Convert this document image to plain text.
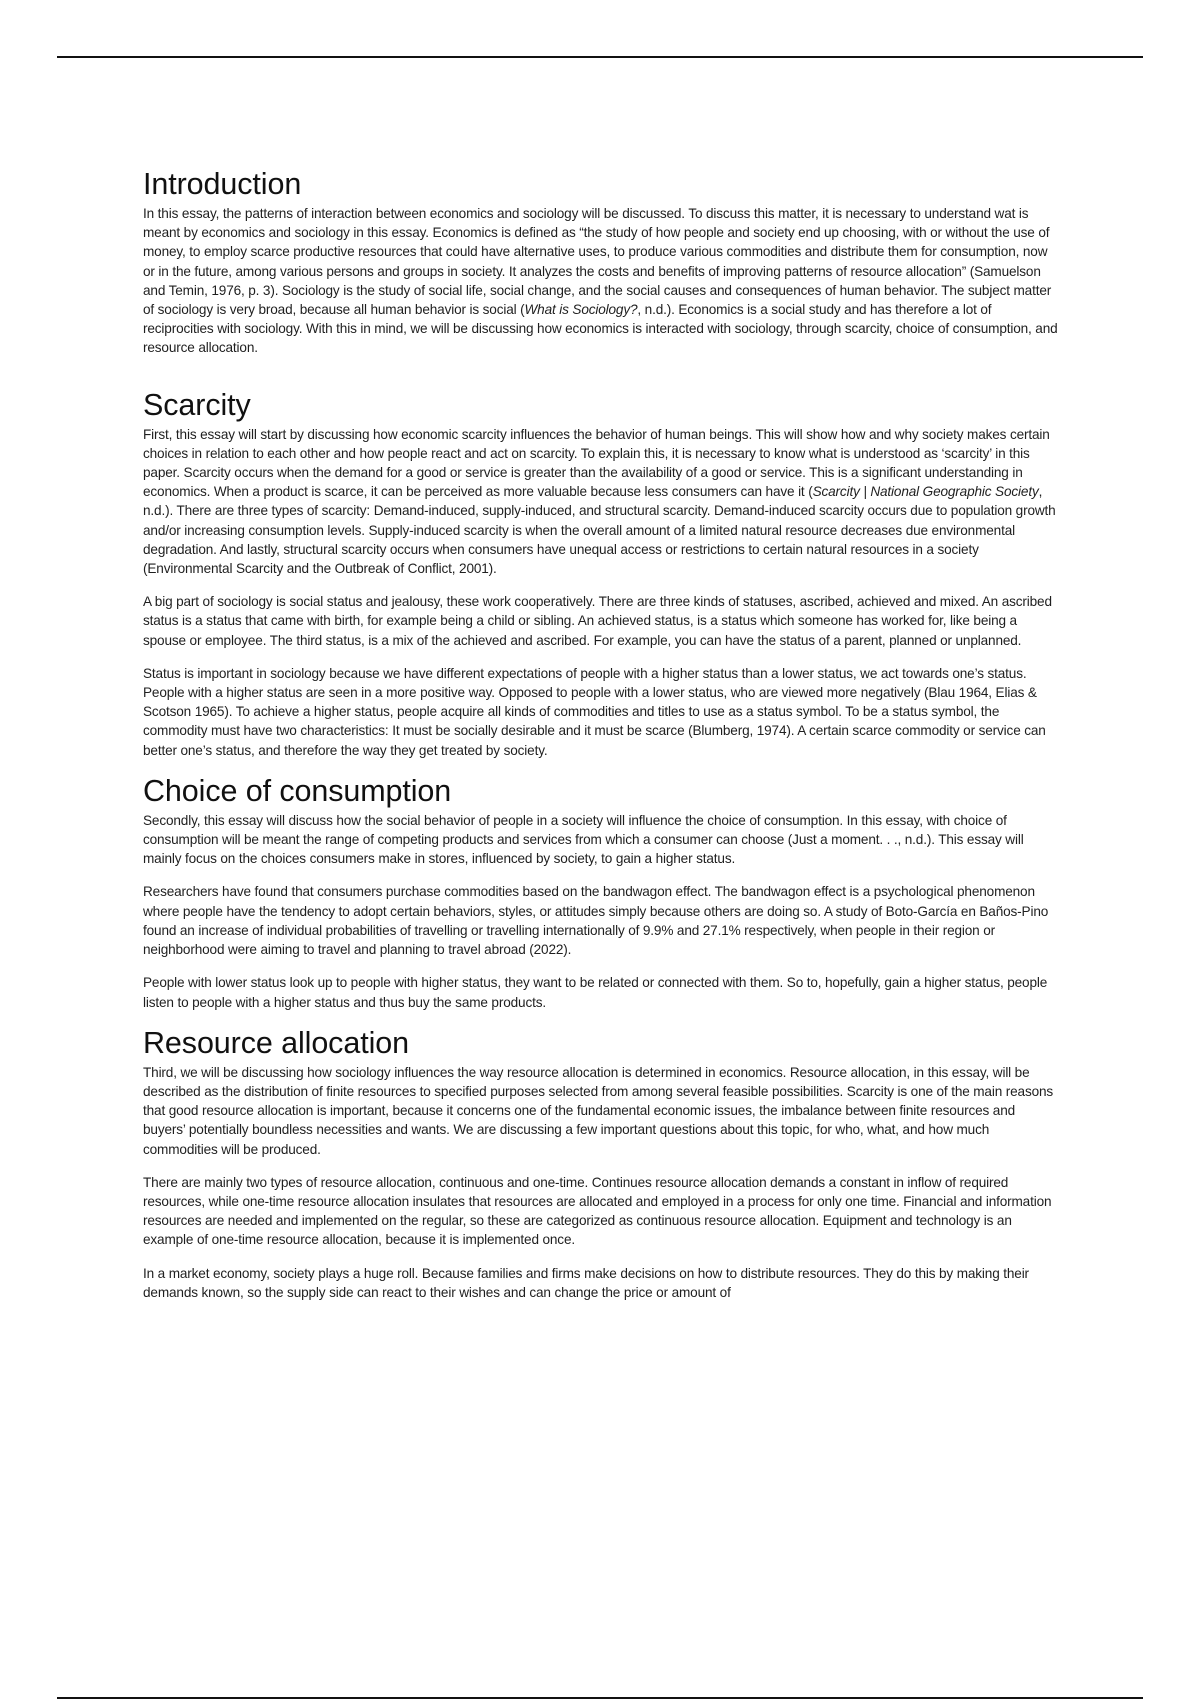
Introduction

In this essay, the patterns of interaction between economics and sociology will be discussed. To discuss this matter, it is necessary to understand wat is meant by economics and sociology in this essay. Economics is defined as “the study of how people and society end up choosing, with or without the use of money, to employ scarce productive resources that could have alternative uses, to produce various commodities and distribute them for consumption, now or in the future, among various persons and groups in society. It analyzes the costs and benefits of improving patterns of resource allocation” (Samuelson and Temin, 1976, p. 3). Sociology is the study of social life, social change, and the social causes and consequences of human behavior. The subject matter of sociology is very broad, because all human behavior is social (What is Sociology?, n.d.). Economics is a social study and has therefore a lot of reciprocities with sociology. With this in mind, we will be discussing how economics is interacted with sociology, through scarcity, choice of consumption, and resource allocation.

Scarcity

First, this essay will start by discussing how economic scarcity influences the behavior of human beings. This will show how and why society makes certain choices in relation to each other and how people react and act on scarcity. To explain this, it is necessary to know what is understood as ‘scarcity’ in this paper. Scarcity occurs when the demand for a good or service is greater than the availability of a good or service. This is a significant understanding in economics. When a product is scarce, it can be perceived as more valuable because less consumers can have it (Scarcity | National Geographic Society, n.d.). There are three types of scarcity: Demand-induced, supply-induced, and structural scarcity. Demand-induced scarcity occurs due to population growth and/or increasing consumption levels. Supply-induced scarcity is when the overall amount of a limited natural resource decreases due environmental degradation. And lastly, structural scarcity occurs when consumers have unequal access or restrictions to certain natural resources in a society (Environmental Scarcity and the Outbreak of Conflict, 2001).

A big part of sociology is social status and jealousy, these work cooperatively. There are three kinds of statuses, ascribed, achieved and mixed. An ascribed status is a status that came with birth, for example being a child or sibling. An achieved status, is a status which someone has worked for, like being a spouse or employee. The third status, is a mix of the achieved and ascribed. For example, you can have the status of a parent, planned or unplanned.

Status is important in sociology because we have different expectations of people with a higher status than a lower status, we act towards one’s status. People with a higher status are seen in a more positive way. Opposed to people with a lower status, who are viewed more negatively (Blau 1964, Elias & Scotson 1965). To achieve a higher status, people acquire all kinds of commodities and titles to use as a status symbol. To be a status symbol, the commodity must have two characteristics: It must be socially desirable and it must be scarce (Blumberg, 1974). A certain scarce commodity or service can better one’s status, and therefore the way they get treated by society.

Choice of consumption

Secondly, this essay will discuss how the social behavior of people in a society will influence the choice of consumption. In this essay, with choice of consumption will be meant the range of competing products and services from which a consumer can choose (Just a moment. . ., n.d.). This essay will mainly focus on the choices consumers make in stores, influenced by society, to gain a higher status.

Researchers have found that consumers purchase commodities based on the bandwagon effect. The bandwagon effect is a psychological phenomenon where people have the tendency to adopt certain behaviors, styles, or attitudes simply because others are doing so. A study of Boto-García en Baños-Pino found an increase of individual probabilities of travelling or travelling internationally of 9.9% and 27.1% respectively, when people in their region or neighborhood were aiming to travel and planning to travel abroad (2022).

People with lower status look up to people with higher status, they want to be related or connected with them. So to, hopefully, gain a higher status, people listen to people with a higher status and thus buy the same products.

Resource allocation

Third, we will be discussing how sociology influences the way resource allocation is determined in economics. Resource allocation, in this essay, will be described as the distribution of finite resources to specified purposes selected from among several feasible possibilities. Scarcity is one of the main reasons that good resource allocation is important, because it concerns one of the fundamental economic issues, the imbalance between finite resources and buyers’ potentially boundless necessities and wants. We are discussing a few important questions about this topic, for who, what, and how much commodities will be produced.

There are mainly two types of resource allocation, continuous and one-time. Continues resource allocation demands a constant in inflow of required resources, while one-time resource allocation insulates that resources are allocated and employed in a process for only one time. Financial and information resources are needed and implemented on the regular, so these are categorized as continuous resource allocation. Equipment and technology is an example of one-time resource allocation, because it is implemented once.

In a market economy, society plays a huge roll. Because families and firms make decisions on how to distribute resources. They do this by making their demands known, so the supply side can react to their wishes and can change the price or amount of
